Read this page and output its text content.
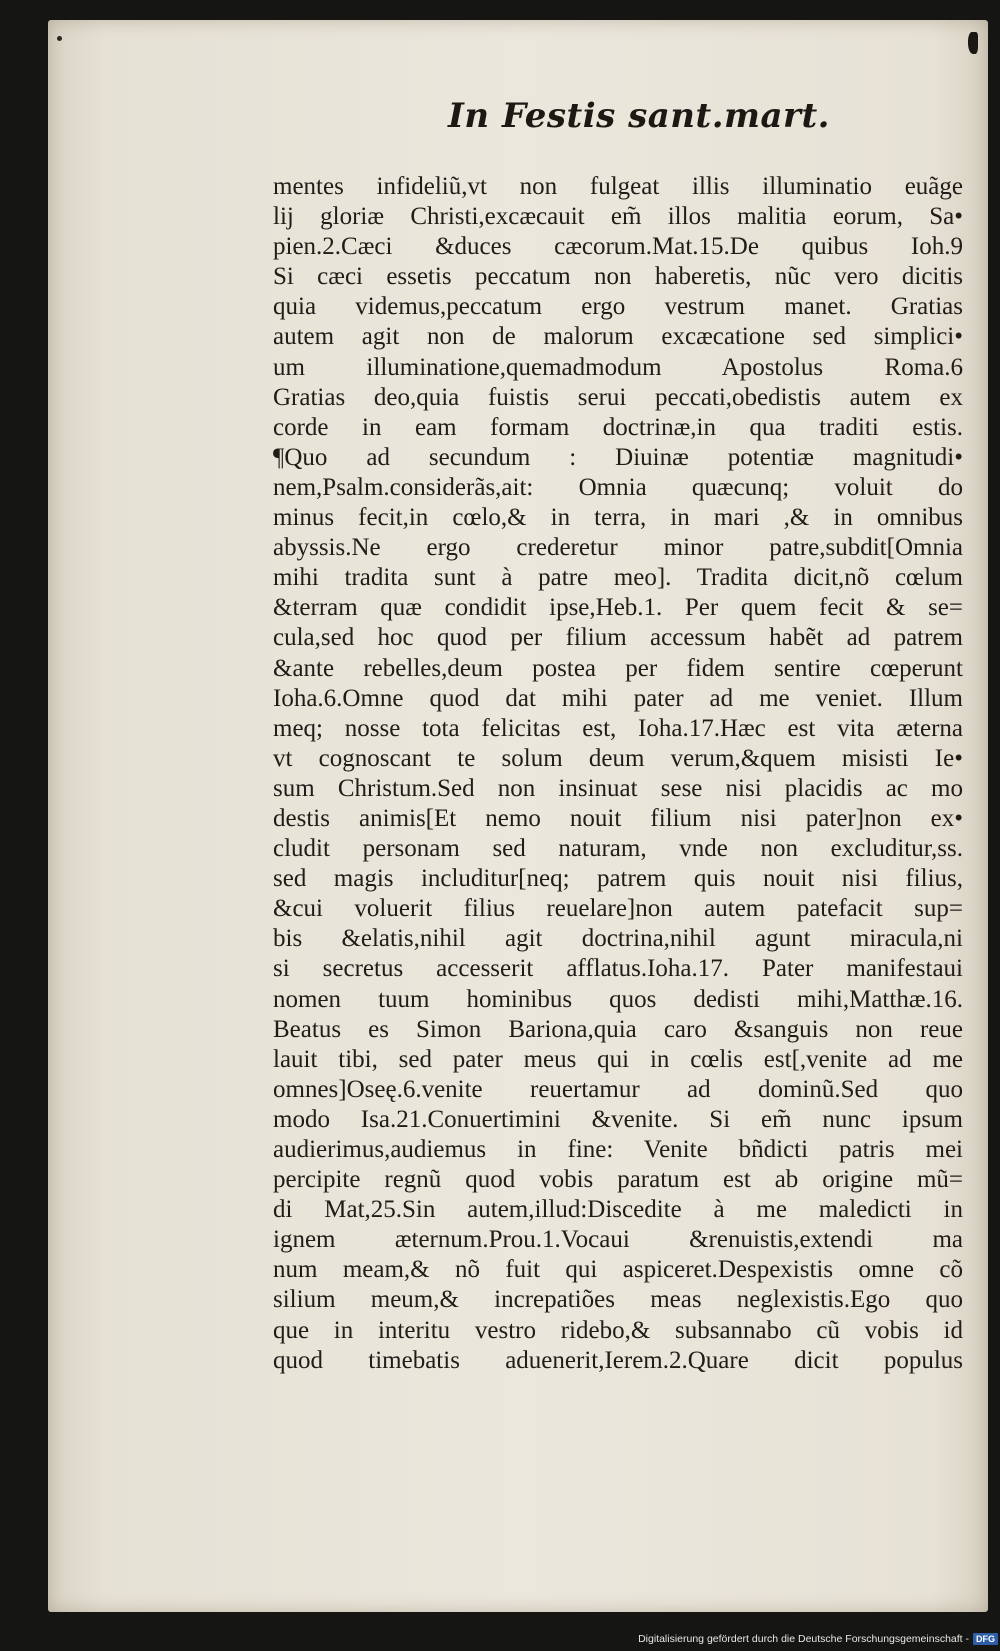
In Festis sant.mart.
mentes infideliũ,vt non fulgeat illis illuminatio euãge
lij gloriæ Christi,excæcauit em̃ illos malitia eorum, Sa•
pien.2.Cæci &duces cæcorum.Mat.15.De quibus Ioh.9
Si cæci essetis peccatum non haberetis, nũc vero dicitis
quia videmus,peccatum ergo vestrum manet. Gratias
autem agit non de malorum excæcatione sed simplici•
um illuminatione,quemadmodum Apostolus Roma.6
Gratias deo,quia fuistis serui peccati,obedistis autem ex
corde in eam formam doctrinæ,in qua traditi estis.
¶Quo ad secundum : Diuinæ potentiæ magnitudi•
nem,Psalm.considerãs,ait: Omnia quæcunq; voluit do
minus fecit,in cœlo,& in terra, in mari ,& in omnibus
abyssis.Ne ergo crederetur minor patre,subdit[Omnia
mihi tradita sunt à patre meo]. Tradita dicit,nõ cœlum
&terram quæ condidit ipse,Heb.1. Per quem fecit & se=
cula,sed hoc quod per filium accessum habẽt ad patrem
&ante rebelles,deum postea per fidem sentire cœperunt
Ioha.6.Omne quod dat mihi pater ad me veniet. Illum
meq; nosse tota felicitas est, Ioha.17.Hæc est vita æterna
vt cognoscant te solum deum verum,&quem misisti Ie•
sum Christum.Sed non insinuat sese nisi placidis ac mo
destis animis[Et nemo nouit filium nisi pater]non ex•
cludit personam sed naturam, vnde non excluditur,ss.
sed magis includitur[neq; patrem quis nouit nisi filius,
&cui voluerit filius reuelare]non autem patefacit sup=
bis &elatis,nihil agit doctrina,nihil agunt miracula,ni
si secretus accesserit afflatus.Ioha.17. Pater manifestaui
nomen tuum hominibus quos dedisti mihi,Matthæ.16.
Beatus es Simon Bariona,quia caro &sanguis non reue
lauit tibi, sed pater meus qui in cœlis est[,venite ad me
omnes]Oseę.6.venite reuertamur ad dominũ.Sed quo
modo Isa.21.Conuertimini &venite. Si em̃ nunc ipsum
audierimus,audiemus in fine: Venite bñdicti patris mei
percipite regnũ quod vobis paratum est ab origine mũ=
di Mat,25.Sin autem,illud:Discedite à me maledicti in
ignem æternum.Prou.1.Vocaui &renuistis,extendi ma
num meam,& nõ fuit qui aspiceret.Despexistis omne cõ
silium meum,& increpatiões meas neglexistis.Ego quo
que in interitu vestro ridebo,& subsannabo cũ vobis id
quod timebatis aduenerit,Ierem.2.Quare dicit populus
Digitalisierung gefördert durch die Deutsche Forschungsgemeinschaft - DFG
